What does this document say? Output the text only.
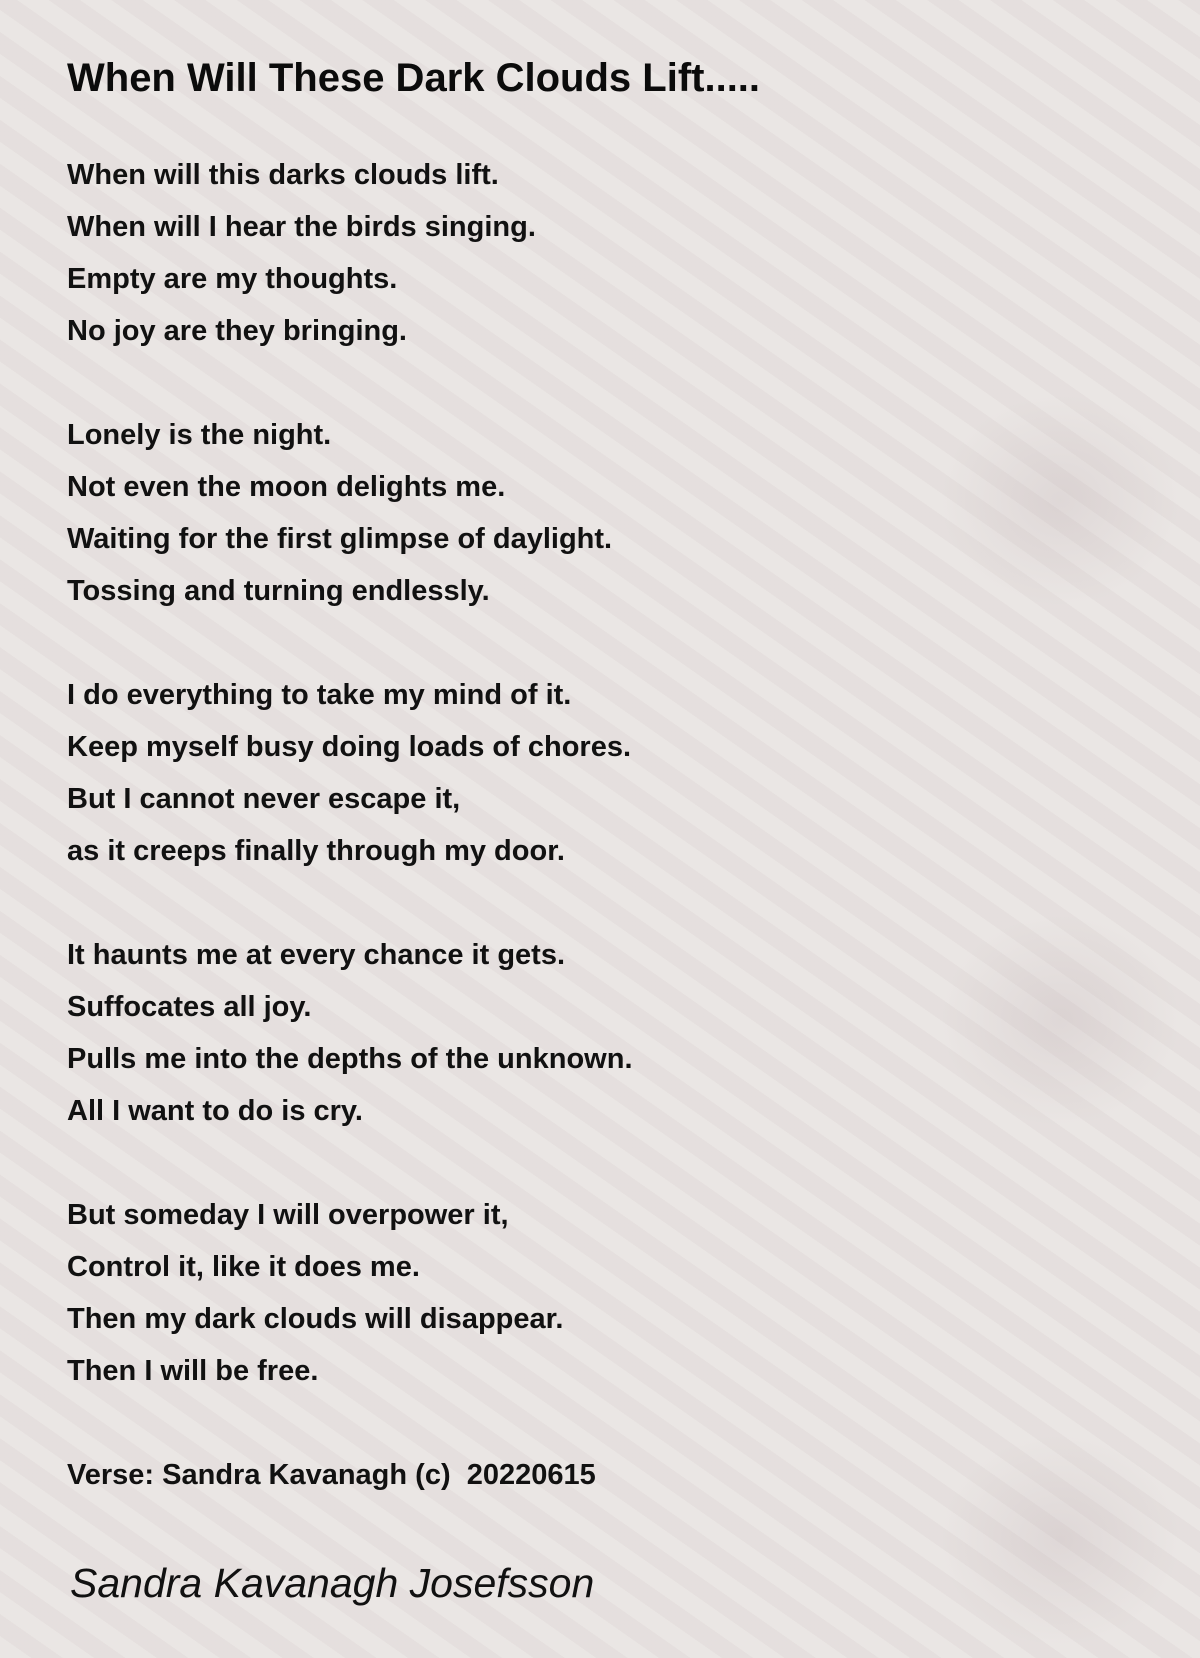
When Will These Dark Clouds Lift.....
When will this darks clouds lift.
When will I hear the birds singing.
Empty are my thoughts.
No joy are they bringing.
Lonely is the night.
Not even the moon delights me.
Waiting for the first glimpse of daylight.
Tossing and turning endlessly.
I do everything to take my mind of it.
Keep myself busy doing loads of chores.
But I cannot never escape it,
as it creeps finally through my door.
It haunts me at every chance it gets.
Suffocates all joy.
Pulls me into the depths of the unknown.
All I want to do is cry.
But someday I will overpower it,
Control it, like it does me.
Then my dark clouds will disappear.
Then I will be free.
Verse: Sandra Kavanagh (c)  20220615
Sandra Kavanagh Josefsson
